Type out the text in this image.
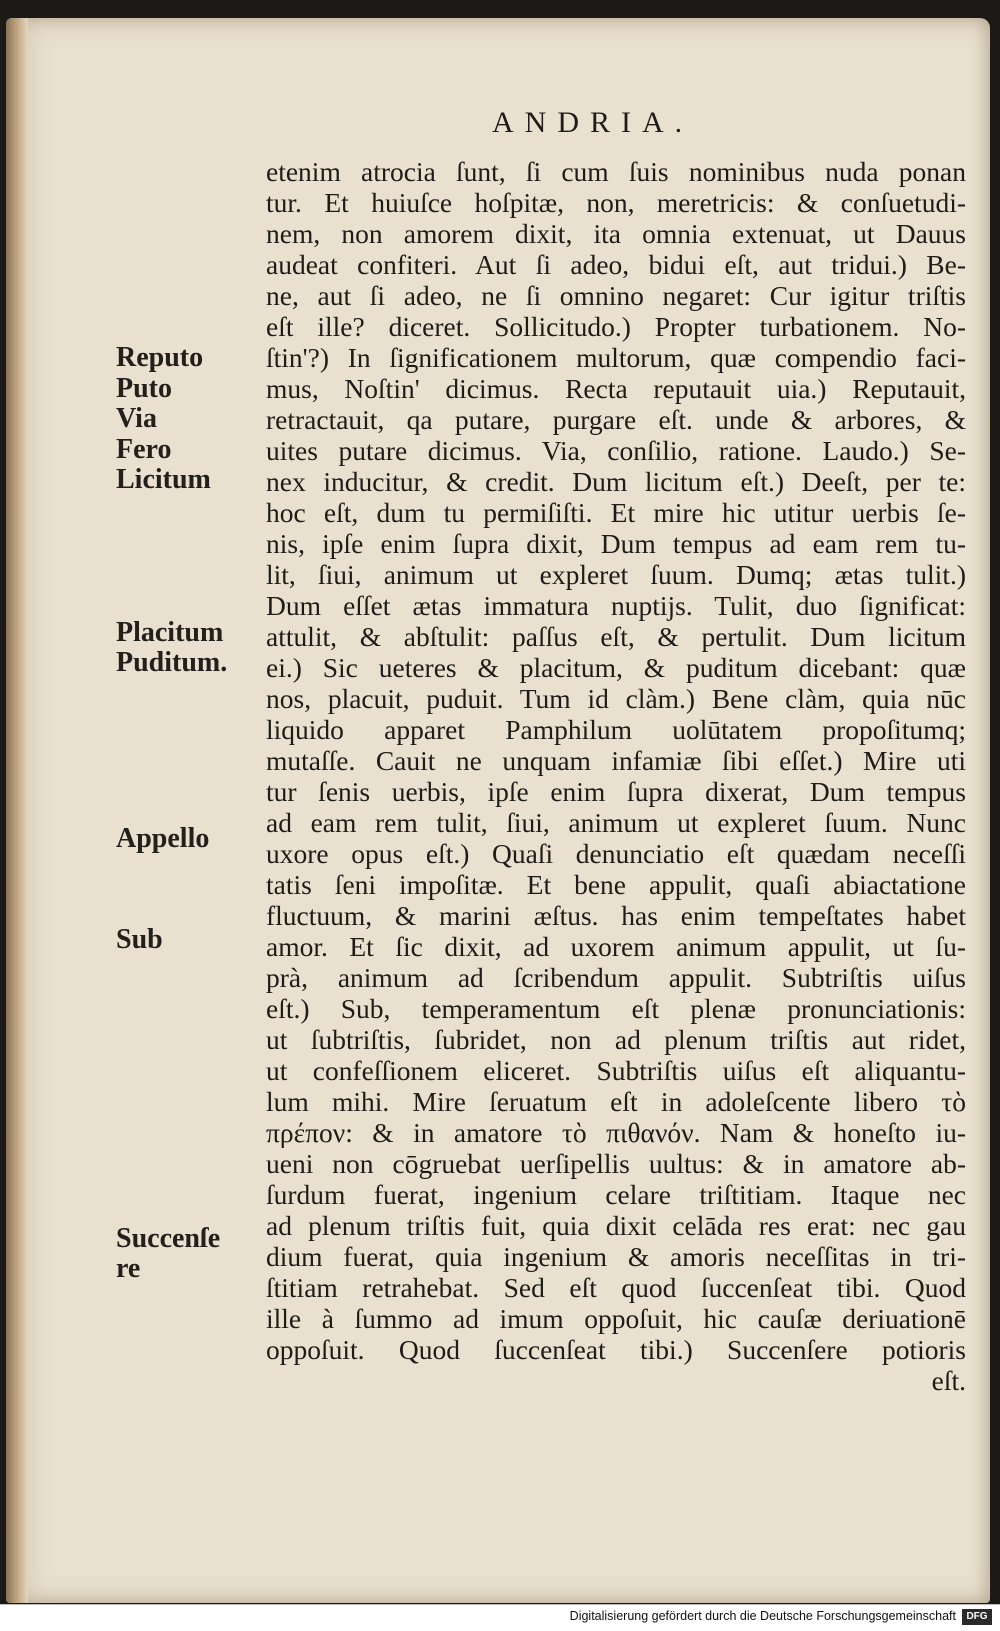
ANDRIA.
Reputo
Puto
Via
Fero
Licitum
Placitum
Puditum.
Appello
Sub
Succenſe re
etenim atrocia ſunt, ſi cum ſuis nominibus nuda ponan
tur. Et huiuſce hoſpitæ, non, meretricis: & conſuetudi-
nem, non amorem dixit, ita omnia extenuat, ut Dauus
audeat confiteri. Aut ſi adeo, bidui eſt, aut tridui.) Be-
ne, aut ſi adeo, ne ſi omnino negaret: Cur igitur triſtis
eſt ille? diceret. Sollicitudo.) Propter turbationem. No-
ſtin'?) In ſignificationem multorum, quæ compendio faci-
mus, Noſtin' dicimus. Recta reputauit uia.) Reputauit,
retractauit, qa putare, purgare eſt. unde & arbores, &
uites putare dicimus. Via, conſilio, ratione. Laudo.) Se-
nex inducitur, & credit. Dum licitum eſt.) Deeſt, per te:
hoc eſt, dum tu permiſiſti. Et mire hic utitur uerbis ſe-
nis, ipſe enim ſupra dixit, Dum tempus ad eam rem tu-
lit, ſiui, animum ut expleret ſuum. Dumq; ætas tulit.)
Dum eſſet ætas immatura nuptijs. Tulit, duo ſignificat:
attulit, & abſtulit: paſſus eſt, & pertulit. Dum licitum
ei.) Sic ueteres & placitum, & puditum dicebant: quæ
nos, placuit, puduit. Tum id clàm.) Bene clàm, quia nūc
liquido apparet Pamphilum uolūtatem propoſitumq;
mutaſſe. Cauit ne unquam infamiæ ſibi eſſet.) Mire uti
tur ſenis uerbis, ipſe enim ſupra dixerat, Dum tempus
ad eam rem tulit, ſiui, animum ut expleret ſuum. Nunc
uxore opus eſt.) Quaſi denunciatio eſt quædam neceſſi
tatis ſeni impoſitæ. Et bene appulit, quaſi abiactatione
fluctuum, & marini æſtus. has enim tempeſtates habet
amor. Et ſic dixit, ad uxorem animum appulit, ut ſu-
prà, animum ad ſcribendum appulit. Subtriſtis uiſus
eſt.) Sub, temperamentum eſt plenæ pronunciationis:
ut ſubtriſtis, ſubridet, non ad plenum triſtis aut ridet,
ut confeſſionem eliceret. Subtriſtis uiſus eſt aliquantu-
lum mihi. Mire ſeruatum eſt in adoleſcente libero τὸ
πρέπον: & in amatore τὸ πιθανόν. Nam & honeſto iu-
ueni non cōgruebat uerſipellis uultus: & in amatore ab-
ſurdum fuerat, ingenium celare triſtitiam. Itaque nec
ad plenum triſtis fuit, quia dixit celāda res erat: nec gau
dium fuerat, quia ingenium & amoris neceſſitas in tri-
ſtitiam retrahebat. Sed eſt quod ſuccenſeat tibi. Quod
ille à ſummo ad imum oppoſuit, hic cauſæ deriuationē
oppoſuit. Quod ſuccenſeat tibi.) Succenſere potioris
eſt.
Digitalisierung gefördert durch die Deutsche Forschungsgemeinschaft	DFG
